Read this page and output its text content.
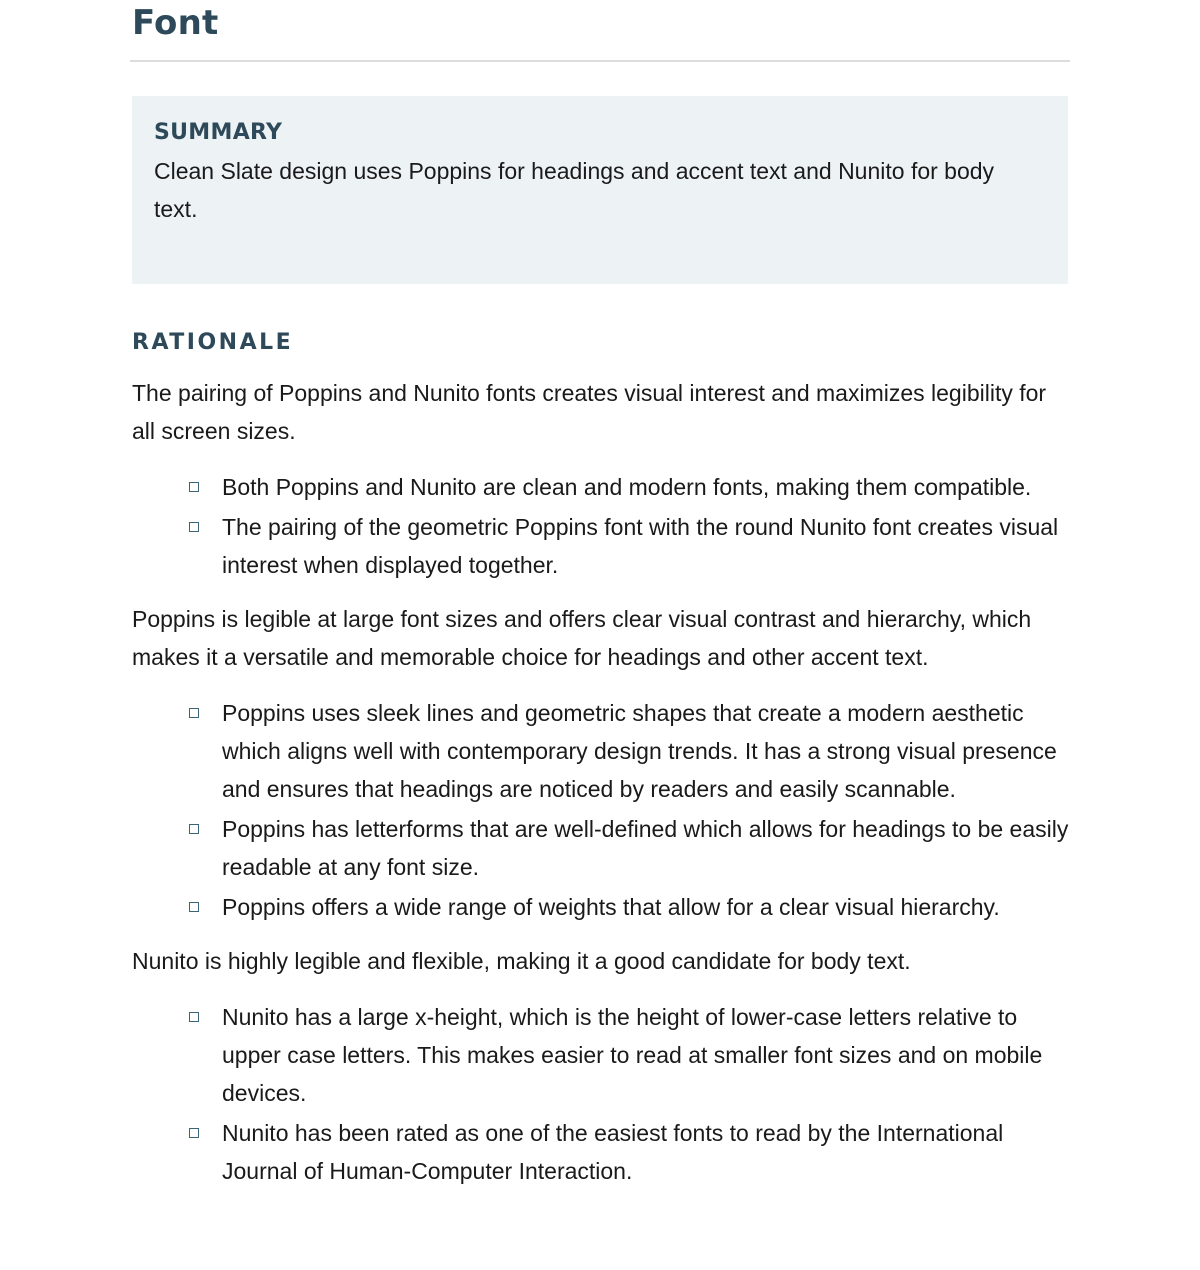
Font
SUMMARY

Clean Slate design uses Poppins for headings and accent text and Nunito for body text.

RATIONALE

The pairing of Poppins and Nunito fonts creates visual interest and maximizes legibility for all screen sizes.

Both Poppins and Nunito are clean and modern fonts, making them compatible.
The pairing of the geometric Poppins font with the round Nunito font creates visual interest when displayed together.

Poppins is legible at large font sizes and offers clear visual contrast and hierarchy, which makes it a versatile and memorable choice for headings and other accent text.

Poppins uses sleek lines and geometric shapes that create a modern aesthetic which aligns well with contemporary design trends. It has a strong visual presence and ensures that headings are noticed by readers and easily scannable.
Poppins has letterforms that are well-defined which allows for headings to be easily readable at any font size.
Poppins offers a wide range of weights that allow for a clear visual hierarchy.

Nunito is highly legible and flexible, making it a good candidate for body text.

Nunito has a large x-height, which is the height of lower-case letters relative to upper case letters. This makes easier to read at smaller font sizes and on mobile devices.
Nunito has been rated as one of the easiest fonts to read by the International Journal of Human-Computer Interaction.
